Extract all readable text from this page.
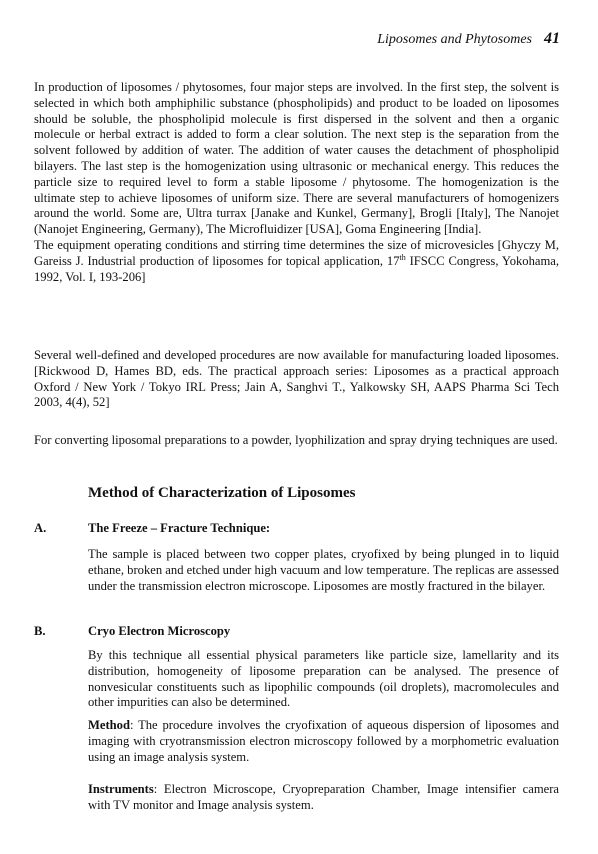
Liposomes and Phytosomes 41
In production of liposomes / phytosomes, four major steps are involved. In the first step, the solvent is selected in which both amphiphilic substance (phospholipids) and product to be loaded on liposomes should be soluble, the phospholipid molecule is first dispersed in the solvent and then a organic molecule or herbal extract is added to form a clear solution. The next step is the separation from the solvent followed by addition of water. The addition of water causes the detachment of phospholipid bilayers. The last step is the homogenization using ultrasonic or mechanical energy. This reduces the particle size to required level to form a stable liposome / phytosome. The homogenization is the ultimate step to achieve liposomes of uniform size. There are several manufacturers of homogenizers around the world. Some are, Ultra turrax [Janake and Kunkel, Germany], Brogli [Italy], The Nanojet (Nanojet Engineering, Germany), The Microfluidizer [USA], Goma Engineering [India].
The equipment operating conditions and stirring time determines the size of microvesicles [Ghyczy M, Gareiss J. Industrial production of liposomes for topical application, 17th IFSCC Congress, Yokohama, 1992, Vol. I, 193-206]
Several well-defined and developed procedures are now available for manufacturing loaded liposomes. [Rickwood D, Hames BD, eds. The practical approach series: Liposomes as a practical approach Oxford / New York / Tokyo IRL Press; Jain A, Sanghvi T., Yalkowsky SH, AAPS Pharma Sci Tech 2003, 4(4), 52]
For converting liposomal preparations to a powder, lyophilization and spray drying techniques are used.
Method of Characterization of Liposomes
A.	The Freeze – Fracture Technique:
The sample is placed between two copper plates, cryofixed by being plunged in to liquid ethane, broken and etched under high vacuum and low temperature. The replicas are assessed under the transmission electron microscope. Liposomes are mostly fractured in the bilayer.
B.	Cryo Electron Microscopy
By this technique all essential physical parameters like particle size, lamellarity and its distribution, homogeneity of liposome preparation can be analysed. The presence of nonvesicular constituents such as lipophilic compounds (oil droplets), macromolecules and other impurities can also be determined.
Method: The procedure involves the cryofixation of aqueous dispersion of liposomes and imaging with cryotransmission electron microscopy followed by a morphometric evaluation using an image analysis system.
Instruments: Electron Microscope, Cryopreparation Chamber, Image intensifier camera with TV monitor and Image analysis system.
